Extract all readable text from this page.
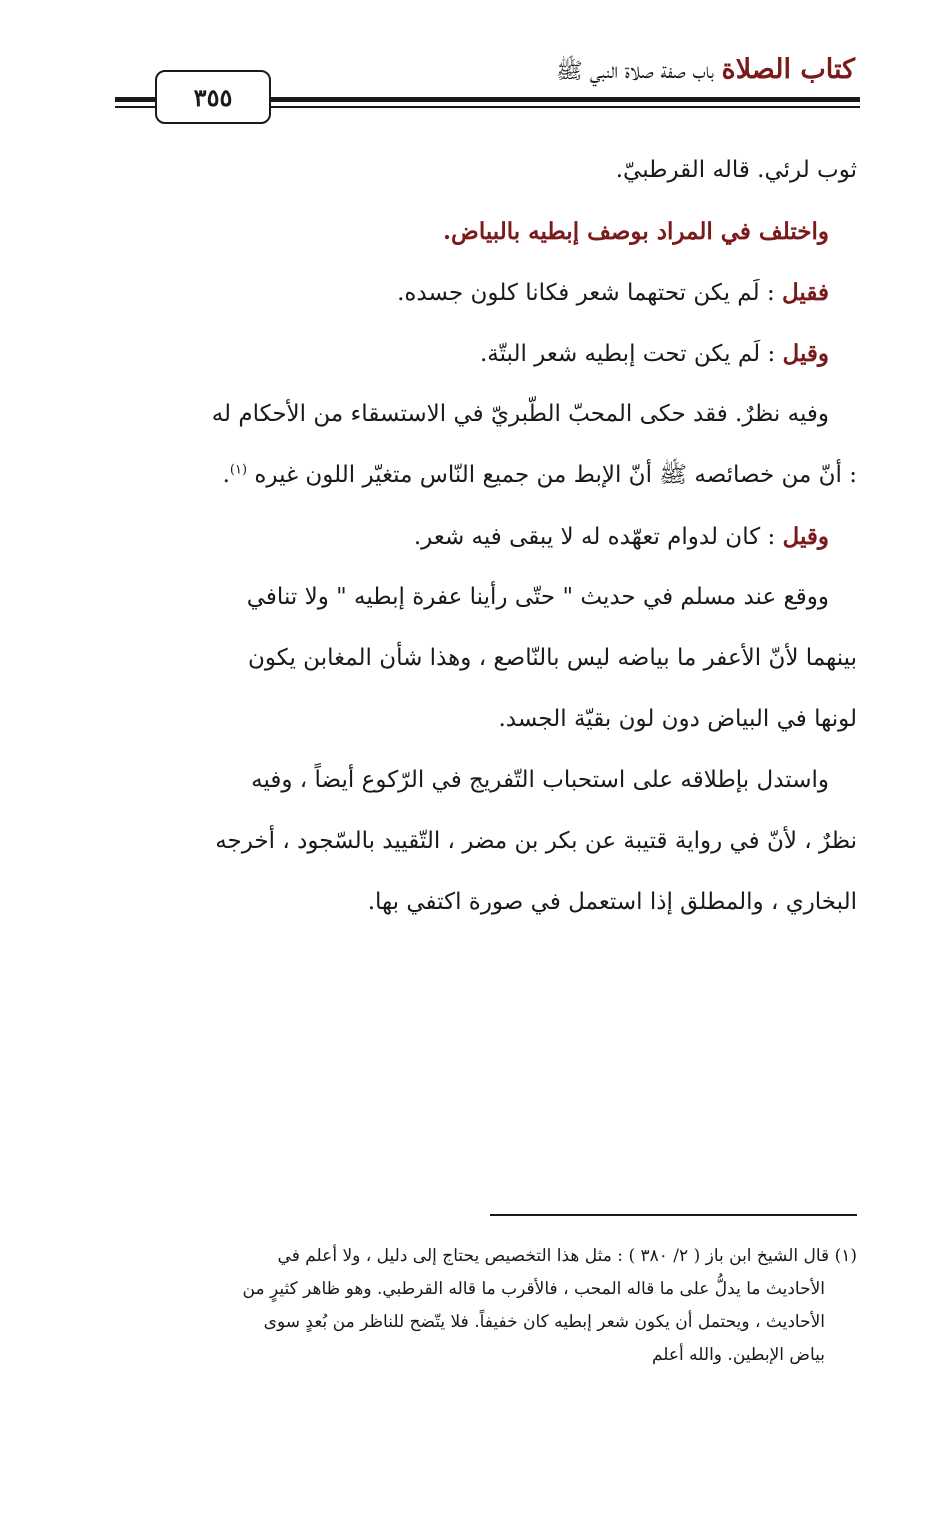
كتاب الصلاة باب صفة صلاة النبي ﷺ
٣٥٥
ثوب لرئي. قاله القرطبيّ.
واختلف في المراد بوصف إبطيه بالبياض.
فقيل : لَم يكن تحتهما شعر فكانا كلون جسده.
وقيل : لَم يكن تحت إبطيه شعر البتّة.
وفيه نظرٌ. فقد حكى المحبّ الطّبريّ في الاستسقاء من الأحكام له
: أنّ من خصائصه ﷺ أنّ الإبط من جميع النّاس متغيّر اللون غيره $^{(١)}$.
وقيل : كان لدوام تعهّده له لا يبقى فيه شعر.
ووقع عند مسلم في حديث " حتّى رأينا عفرة إبطيه " ولا تنافي
بينهما لأنّ الأعفر ما بياضه ليس بالنّاصع ، وهذا شأن المغابن يكون
لونها في البياض دون لون بقيّة الجسد.
واستدل بإطلاقه على استحباب التّفريج في الرّكوع أيضاً ، وفيه
نظرٌ ، لأنّ في رواية قتيبة عن بكر بن مضر ، التّقييد بالسّجود ، أخرجه
البخاري ، والمطلق إذا استعمل في صورة اكتفي بها.
(١) قال الشيخ ابن باز ( ٢/ ٣٨٠ ) : مثل هذا التخصيص يحتاج إلى دليل ، ولا أعلم في
الأحاديث ما يدلُّ على ما قاله المحب ، فالأقرب ما قاله القرطبي. وهو ظاهر كثيرٍ من
الأحاديث ، ويحتمل أن يكون شعر إبطيه كان خفيفاً. فلا يتّضح للناظر من بُعدٍ سوى
بياض الإبطين. والله أعلم
